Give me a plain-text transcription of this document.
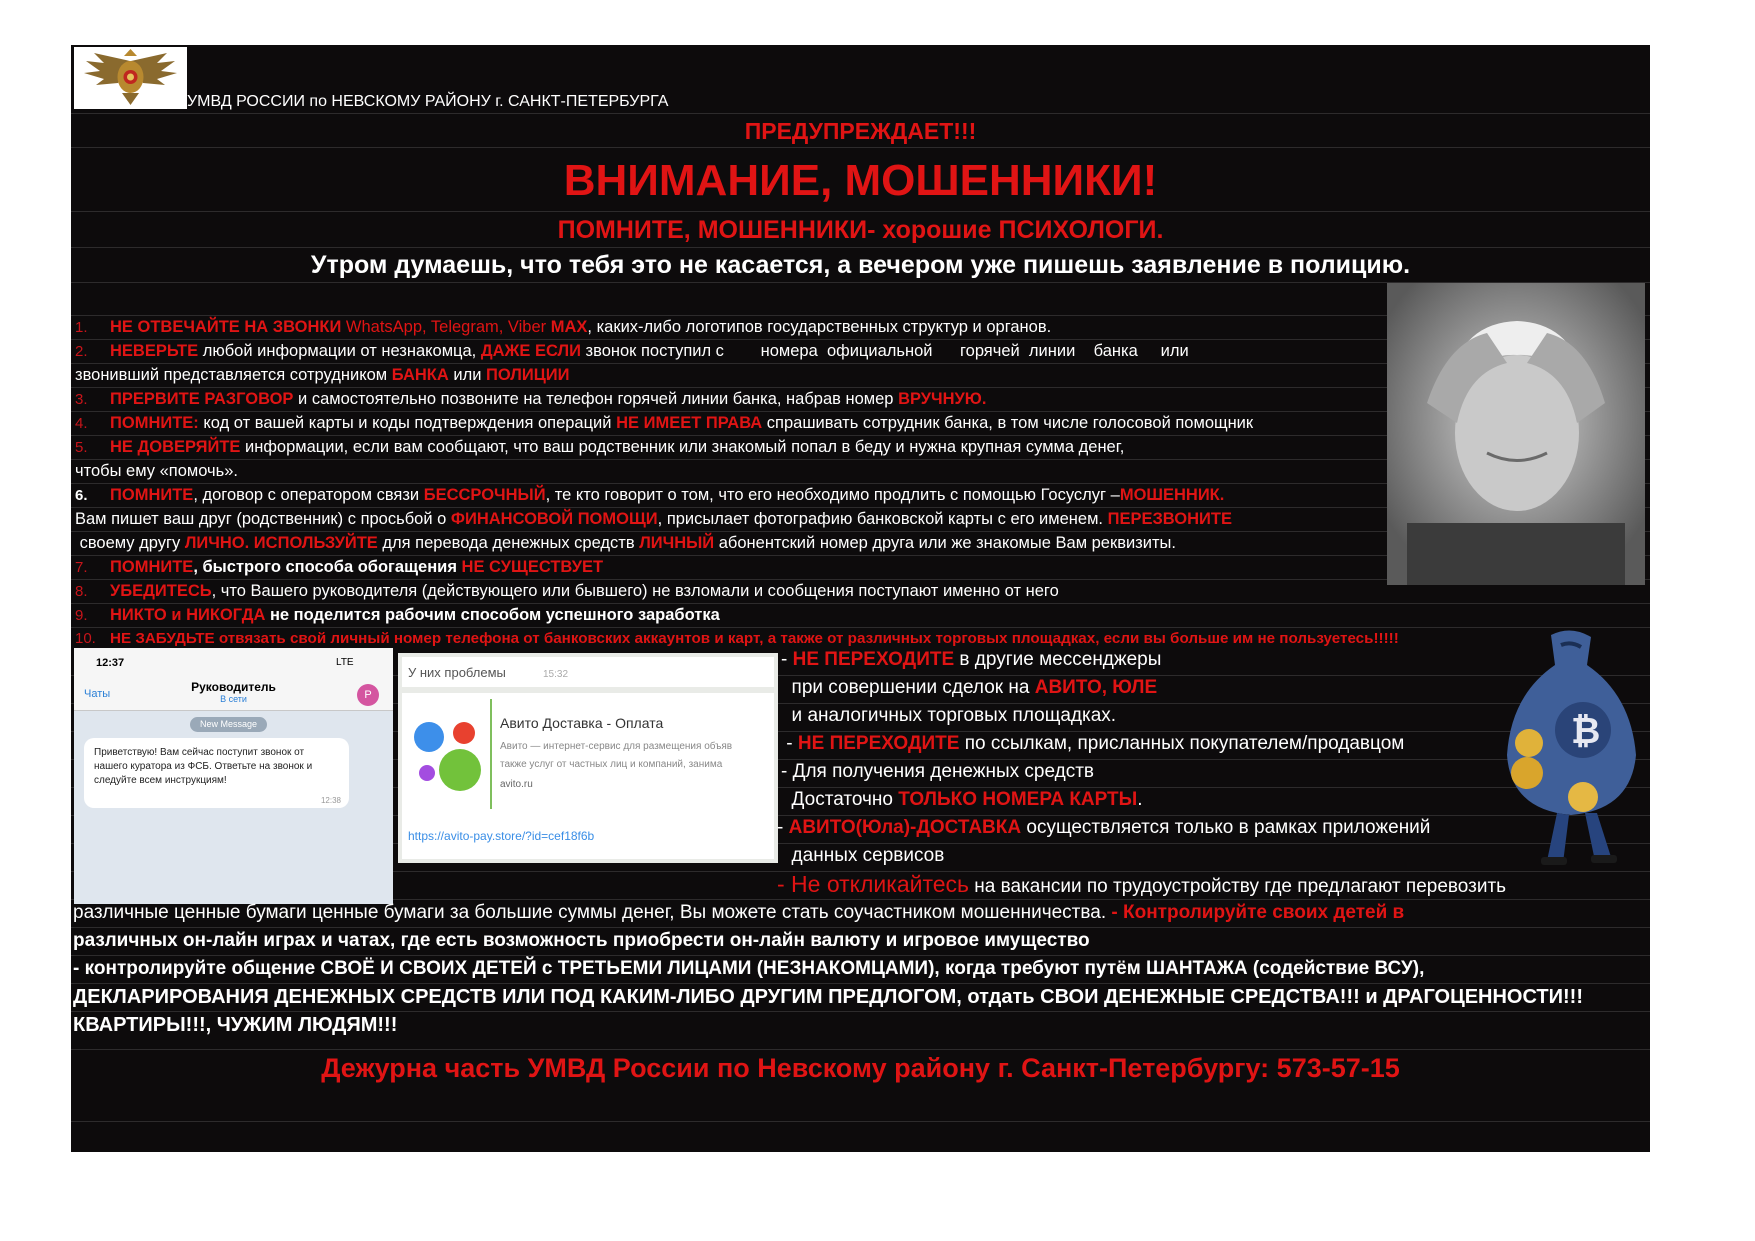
УМВД РОССИИ по НЕВСКОМУ РАЙОНУ г. САНКТ-ПЕТЕРБУРГА
ПРЕДУПРЕЖДАЕТ!!!
ВНИМАНИЕ, МОШЕННИКИ!
ПОМНИТЕ, МОШЕННИКИ- хорошие ПСИХОЛОГИ.
Утром думаешь, что тебя это не касается, а вечером уже пишешь заявление в полицию.
1. НЕ ОТВЕЧАЙТЕ НА ЗВОНКИ WhatsApp, Telegram, Viber MAX, каких-либо логотипов государственных структур и органов.
2. НЕВЕРЬТЕ любой информации от незнакомца, ДАЖЕ ЕСЛИ звонок поступил с        номера  официальной      горячей  линии    банка     или
звонивший представляется сотрудником БАНКА или ПОЛИЦИИ
3. ПРЕРВИТЕ РАЗГОВОР и самостоятельно позвоните на телефон горячей линии банка, набрав номер ВРУЧНУЮ.
4. ПОМНИТЕ: код от вашей карты и коды подтверждения операций НЕ ИМЕЕТ ПРАВА спрашивать сотрудник банка, в том числе голосовой помощник
5. НЕ ДОВЕРЯЙТЕ информации, если вам сообщают, что ваш родственник или знакомый попал в беду и нужна крупная сумма денег,
чтобы ему «помочь».
6. ПОМНИТЕ, договор с оператором связи БЕССРОЧНЫЙ, те кто говорит о том, что его необходимо продлить с помощью Госуслуг –МОШЕННИК.
Вам пишет ваш друг (родственник) с просьбой о ФИНАНСОВОЙ ПОМОЩИ, присылает фотографию банковской карты с его именем. ПЕРЕЗВОНИТЕ
своему другу ЛИЧНО. ИСПОЛЬЗУЙТЕ для перевода денежных средств ЛИЧНЫЙ абонентский номер друга или же знакомые Вам реквизиты.
7. ПОМНИТЕ, быстрого способа обогащения НЕ СУЩЕСТВУЕТ
8. УБЕДИТЕСЬ, что Вашего руководителя (действующего или бывшего) не взломали и сообщения поступают именно от него
9. НИКТО и НИКОГДА не поделится рабочим способом успешного заработка
10. НЕ ЗАБУДЬТЕ отвязать свой личный номер телефона от банковских аккаунтов и карт, а также от различных торговых площадках, если вы больше им не пользуетесь!!!!!
12:37	LTE
Чаты	Руководитель
В сети	Р
New Message
Приветствую! Вам сейчас поступит звонок от нашего куратора из ФСБ. Ответьте на звонок и следуйте всем инструкциям!
12:38
У них проблемы	15:32
Авито Доставка - Оплата
Авито — интернет-сервис для размещения объяв
также услуг от частных лиц и компаний, занима
avito.ru
https://avito-pay.store/?id=cef18f6b
₿
- НЕ ПЕРЕХОДИТЕ в другие мессенджеры
при совершении сделок на АВИТО, ЮЛЕ
и аналогичных торговых площадках.
- НЕ ПЕРЕХОДИТЕ по ссылкам, присланных покупателем/продавцом
- Для получения денежных средств
Достаточно ТОЛЬКО НОМЕРА КАРТЫ.
- АВИТО(Юла)-ДОСТАВКА осуществляется только в рамках приложений
данных сервисов
- Не откликайтесь на вакансии по трудоустройству где предлагают перевозить
различные ценные бумаги ценные бумаги за большие суммы денег, Вы можете стать соучастником мошенничества. - Контролируйте своих детей в
различных он-лайн играх и чатах, где есть возможность приобрести он-лайн валюту и игровое имущество
- контролируйте общение СВОЁ И СВОИХ ДЕТЕЙ с ТРЕТЬЕМИ ЛИЦАМИ (НЕЗНАКОМЦАМИ), когда требуют путём ШАНТАЖА (содействие ВСУ),
ДЕКЛАРИРОВАНИЯ ДЕНЕЖНЫХ СРЕДСТВ ИЛИ ПОД КАКИМ-ЛИБО ДРУГИМ ПРЕДЛОГОМ, отдать СВОИ ДЕНЕЖНЫЕ СРЕДСТВА!!! и ДРАГОЦЕННОСТИ!!!
КВАРТИРЫ!!!, ЧУЖИМ ЛЮДЯМ!!!
Дежурна часть УМВД России по Невскому району г. Санкт-Петербургу: 573-57-15
